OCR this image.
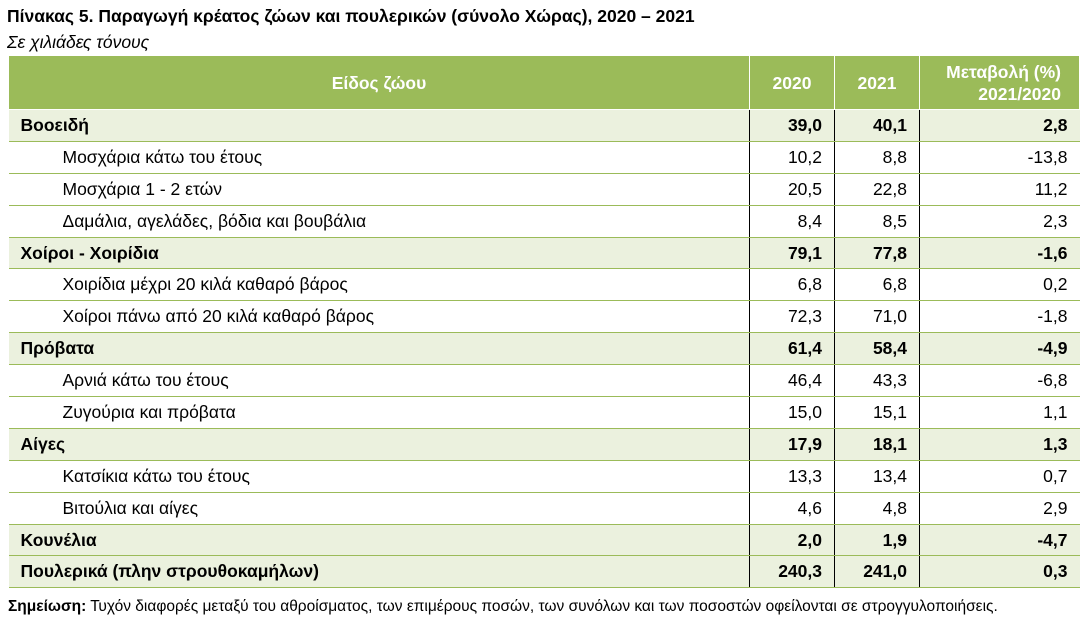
Πίνακας 5. Παραγωγή κρέατος ζώων και πουλερικών (σύνολο Χώρας), 2020 – 2021
Σε χιλιάδες τόνους
Είδος ζώου	2020	2021	Μεταβολή (%)
2021/2020
Βοοειδή	39,0	40,1	2,8
Μοσχάρια κάτω του έτους	10,2	8,8	-13,8
Μοσχάρια 1 - 2 ετών	20,5	22,8	11,2
Δαμάλια, αγελάδες, βόδια και βουβάλια	8,4	8,5	2,3
Χοίροι - Χοιρίδια	79,1	77,8	-1,6
Χοιρίδια μέχρι 20 κιλά καθαρό βάρος	6,8	6,8	0,2
Χοίροι πάνω από 20 κιλά καθαρό βάρος	72,3	71,0	-1,8
Πρόβατα	61,4	58,4	-4,9
Αρνιά κάτω του έτους	46,4	43,3	-6,8
Ζυγούρια και πρόβατα	15,0	15,1	1,1
Αίγες	17,9	18,1	1,3
Κατσίκια κάτω του έτους	13,3	13,4	0,7
Βιτούλια και αίγες	4,6	4,8	2,9
Κουνέλια	2,0	1,9	-4,7
Πουλερικά (πλην στρουθοκαμήλων)	240,3	241,0	0,3
Σημείωση: Τυχόν διαφορές μεταξύ του αθροίσματος, των επιμέρους ποσών, των συνόλων και των ποσοστών οφείλονται σε στρογγυλοποιήσεις.
